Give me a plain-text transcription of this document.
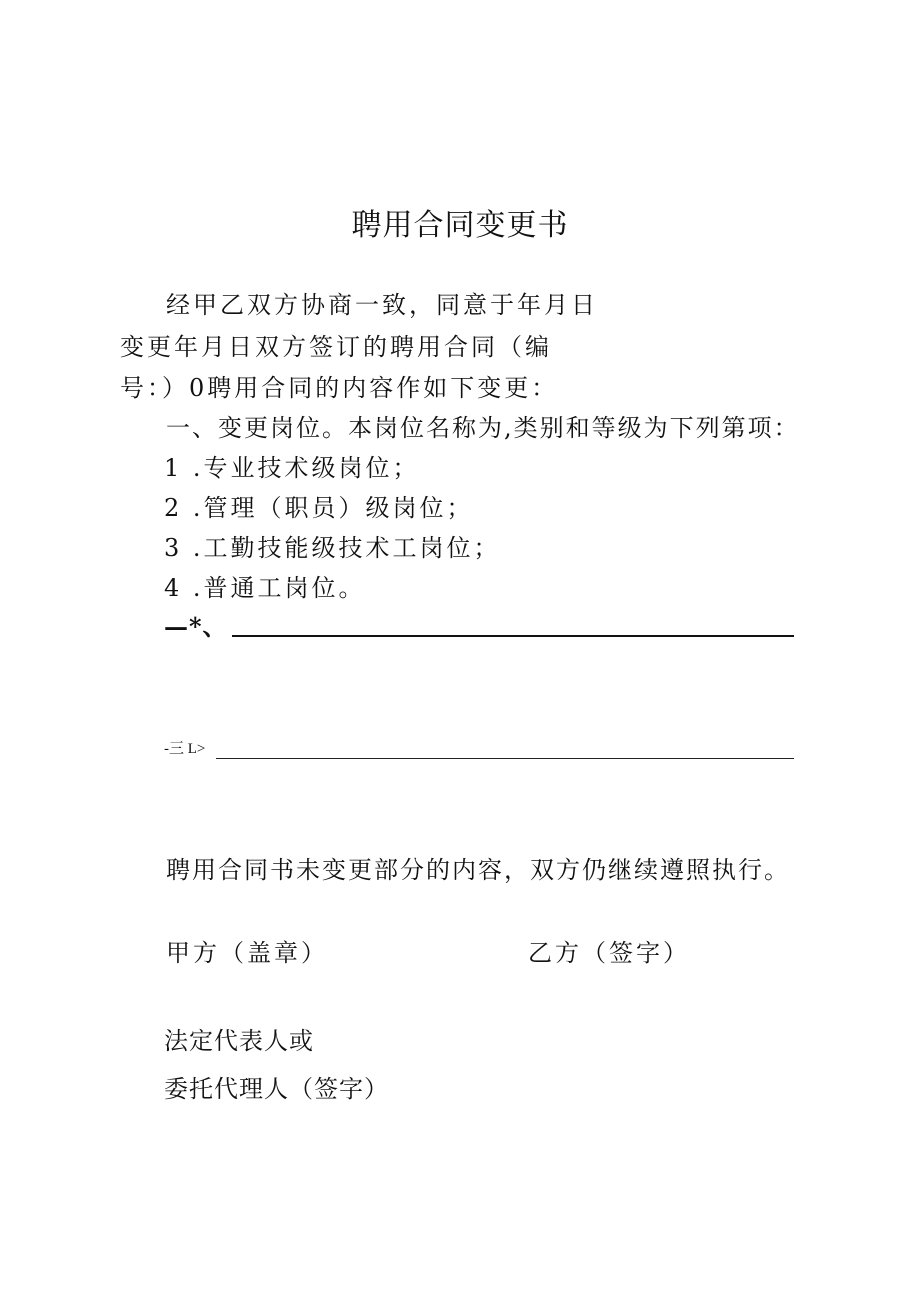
聘用合同变更书
经甲乙双方协商一致，同意于年月日
变更年月日双方签订的聘用合同（编
号：）0聘用合同的内容作如下变更：
一、变更岗位。本岗位名称为,类别和等级为下列第项：
1 .专业技术级岗位；
2 .管理（职员）级岗位；
3 .工勤技能级技术工岗位；
4 .普通工岗位。
—*、
-三 L>
聘用合同书未变更部分的内容，双方仍继续遵照执行。
甲方（盖章）	乙方（签字）
法定代表人或
委托代理人（签字）
